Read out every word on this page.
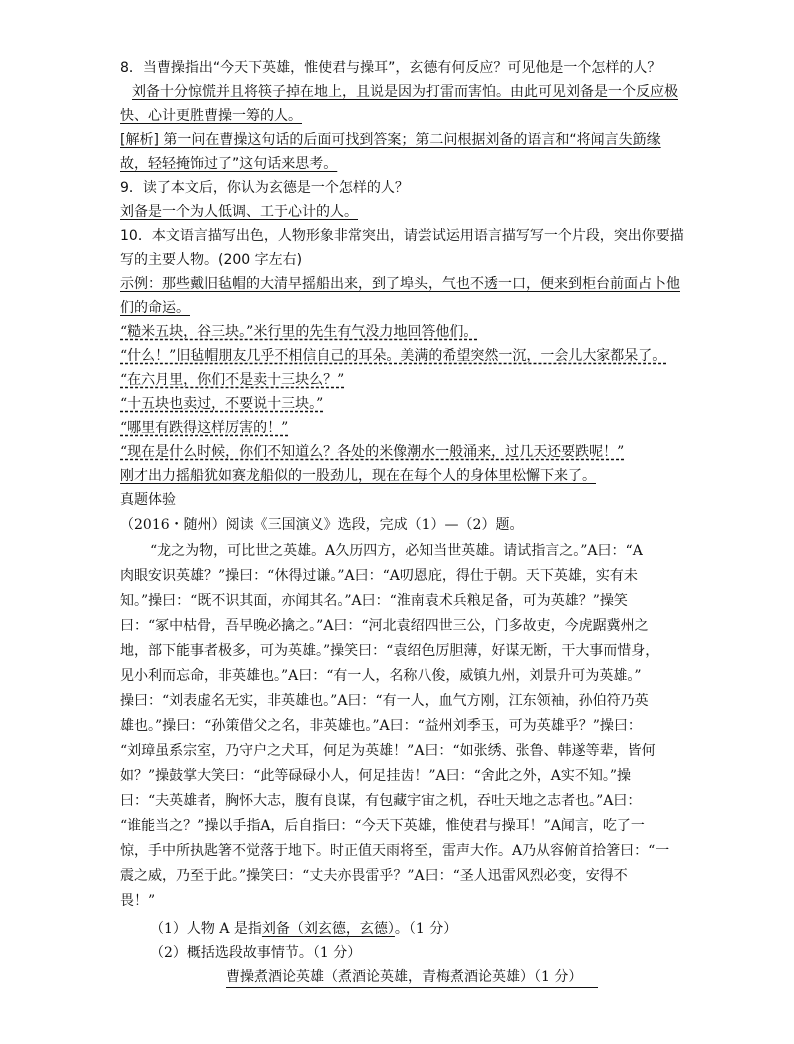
8．当曹操指出“今天下英雄，惟使君与操耳”，玄德有何反应？可见他是一个怎样的人？
刘备十分惊慌并且将筷子掉在地上，且说是因为打雷而害怕。由此可见刘备是一个反应极
快、心计更胜曹操一筹的人。
[解析] 第一问在曹操这句话的后面可找到答案；第二问根据刘备的语言和“将闻言失筯缘
故，轻轻掩饰过了”这句话来思考。
9．读了本文后，你认为玄德是一个怎样的人？
刘备是一个为人低调、工于心计的人。
10．本文语言描写出色，人物形象非常突出，请尝试运用语言描写写一个片段，突出你要描
写的主要人物。(200 字左右)
示例：那些戴旧毡帽的大清早摇船出来，到了埠头，气也不透一口，便来到柜台前面占卜他
们的命运。
“糙米五块，谷三块。”米行里的先生有气没力地回答他们。
“什么！”旧毡帽朋友几乎不相信自己的耳朵。美满的希望突然一沉，一会儿大家都呆了。
“在六月里，你们不是卖十三块么？”
“十五块也卖过，不要说十三块。”
“哪里有跌得这样厉害的！”
“现在是什么时候，你们不知道么？各处的米像潮水一般涌来，过几天还要跌呢！”
刚才出力摇船犹如赛龙船似的一股劲儿，现在在每个人的身体里松懈下来了。
真题体验
（2016・随州）阅读《三国演义》选段，完成（1）—（2）题。
“龙之为物，可比世之英雄。A久历四方，必知当世英雄。请试指言之。”A曰：“A
肉眼安识英雄？”操曰：“休得过谦。”A曰：“A叨恩庇，得仕于朝。天下英雄，实有未
知。”操曰：“既不识其面，亦闻其名。”A曰：“淮南袁术兵粮足备，可为英雄？”操笑
曰：“冢中枯骨，吾早晚必擒之。”A曰：“河北袁绍四世三公，门多故吏，今虎踞冀州之
地，部下能事者极多，可为英雄。”操笑曰：“袁绍色厉胆薄，好谋无断，干大事而惜身，
见小利而忘命，非英雄也。”A曰：“有一人，名称八俊，威镇九州，刘景升可为英雄。”
操曰：“刘表虚名无实，非英雄也。”A曰：“有一人，血气方刚，江东领袖，孙伯符乃英
雄也。”操曰：“孙策借父之名，非英雄也。”A曰：“益州刘季玉，可为英雄乎？”操曰：
“刘璋虽系宗室，乃守户之犬耳，何足为英雄！”A曰：“如张绣、张鲁、韩遂等辈，皆何
如？”操鼓掌大笑曰：“此等碌碌小人，何足挂齿！”A曰：“舍此之外，A实不知。”操
曰：“夫英雄者，胸怀大志，腹有良谋，有包藏宇宙之机，吞吐天地之志者也。”A曰：
“谁能当之？”操以手指A，后自指曰：“今天下英雄，惟使君与操耳！”A闻言，吃了一
惊，手中所执匙箸不觉落于地下。时正值天雨将至，雷声大作。A乃从容俯首拾箸曰：“一
震之威，乃至于此。”操笑曰：“丈夫亦畏雷乎？”A曰：“圣人迅雷风烈必变，安得不
畏！”
（1）人物 A 是指刘备（刘玄德，玄德）。（1 分）
（2）概括选段故事情节。（1 分）
曹操煮酒论英雄（煮酒论英雄，青梅煮酒论英雄）（1 分）
